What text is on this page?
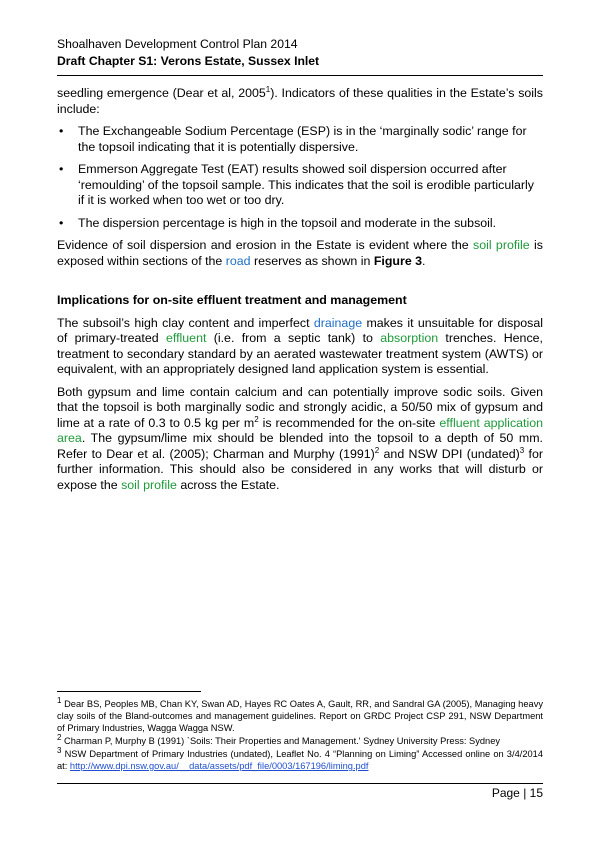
Shoalhaven Development Control Plan 2014
Draft Chapter S1: Verons Estate, Sussex Inlet

seedling emergence (Dear et al, 2005$^1$). Indicators of these qualities in the Estate’s soils include:

• The Exchangeable Sodium Percentage (ESP) is in the ‘marginally sodic’ range for the topsoil indicating that it is potentially dispersive.
• Emmerson Aggregate Test (EAT) results showed soil dispersion occurred after ‘remoulding’ of the topsoil sample. This indicates that the soil is erodible particularly if it is worked when too wet or too dry.
• The dispersion percentage is high in the topsoil and moderate in the subsoil.

Evidence of soil dispersion and erosion in the Estate is evident where the soil profile is exposed within sections of the road reserves as shown in Figure 3.

Implications for on-site effluent treatment and management

The subsoil’s high clay content and imperfect drainage makes it unsuitable for disposal of primary-treated effluent (i.e. from a septic tank) to absorption trenches. Hence, treatment to secondary standard by an aerated wastewater treatment system (AWTS) or equivalent, with an appropriately designed land application system is essential.

Both gypsum and lime contain calcium and can potentially improve sodic soils. Given that the topsoil is both marginally sodic and strongly acidic, a 50/50 mix of gypsum and lime at a rate of 0.3 to 0.5 kg per $m^2$ is recommended for the on-site effluent application area. The gypsum/lime mix should be blended into the topsoil to a depth of 50 mm. Refer to Dear et al. (2005); Charman and Murphy $(1991)^2$ and NSW DPI (undated)$^3$ for further information. This should also be considered in any works that will disturb or expose the soil profile across the Estate.

$^1$ Dear BS, Peoples MB, Chan KY, Swan AD, Hayes RC Oates A, Gault, RR, and Sandral GA (2005), Managing heavy clay soils of the Bland-outcomes and management guidelines. Report on GRDC Project CSP 291, NSW Department of Primary Industries, Wagga Wagga NSW.

$^2$ Charman P, Murphy B (1991) `Soils: Their Properties and Management.' Sydney University Press: Sydney

$^3$ NSW Department of Primary Industries (undated), Leaflet No. 4 “Planning on Liming” Accessed online on 3/4/2014 at: http://www.dpi.nsw.gov.au/__data/assets/pdf_file/0003/167196/liming.pdf

Page | 15
